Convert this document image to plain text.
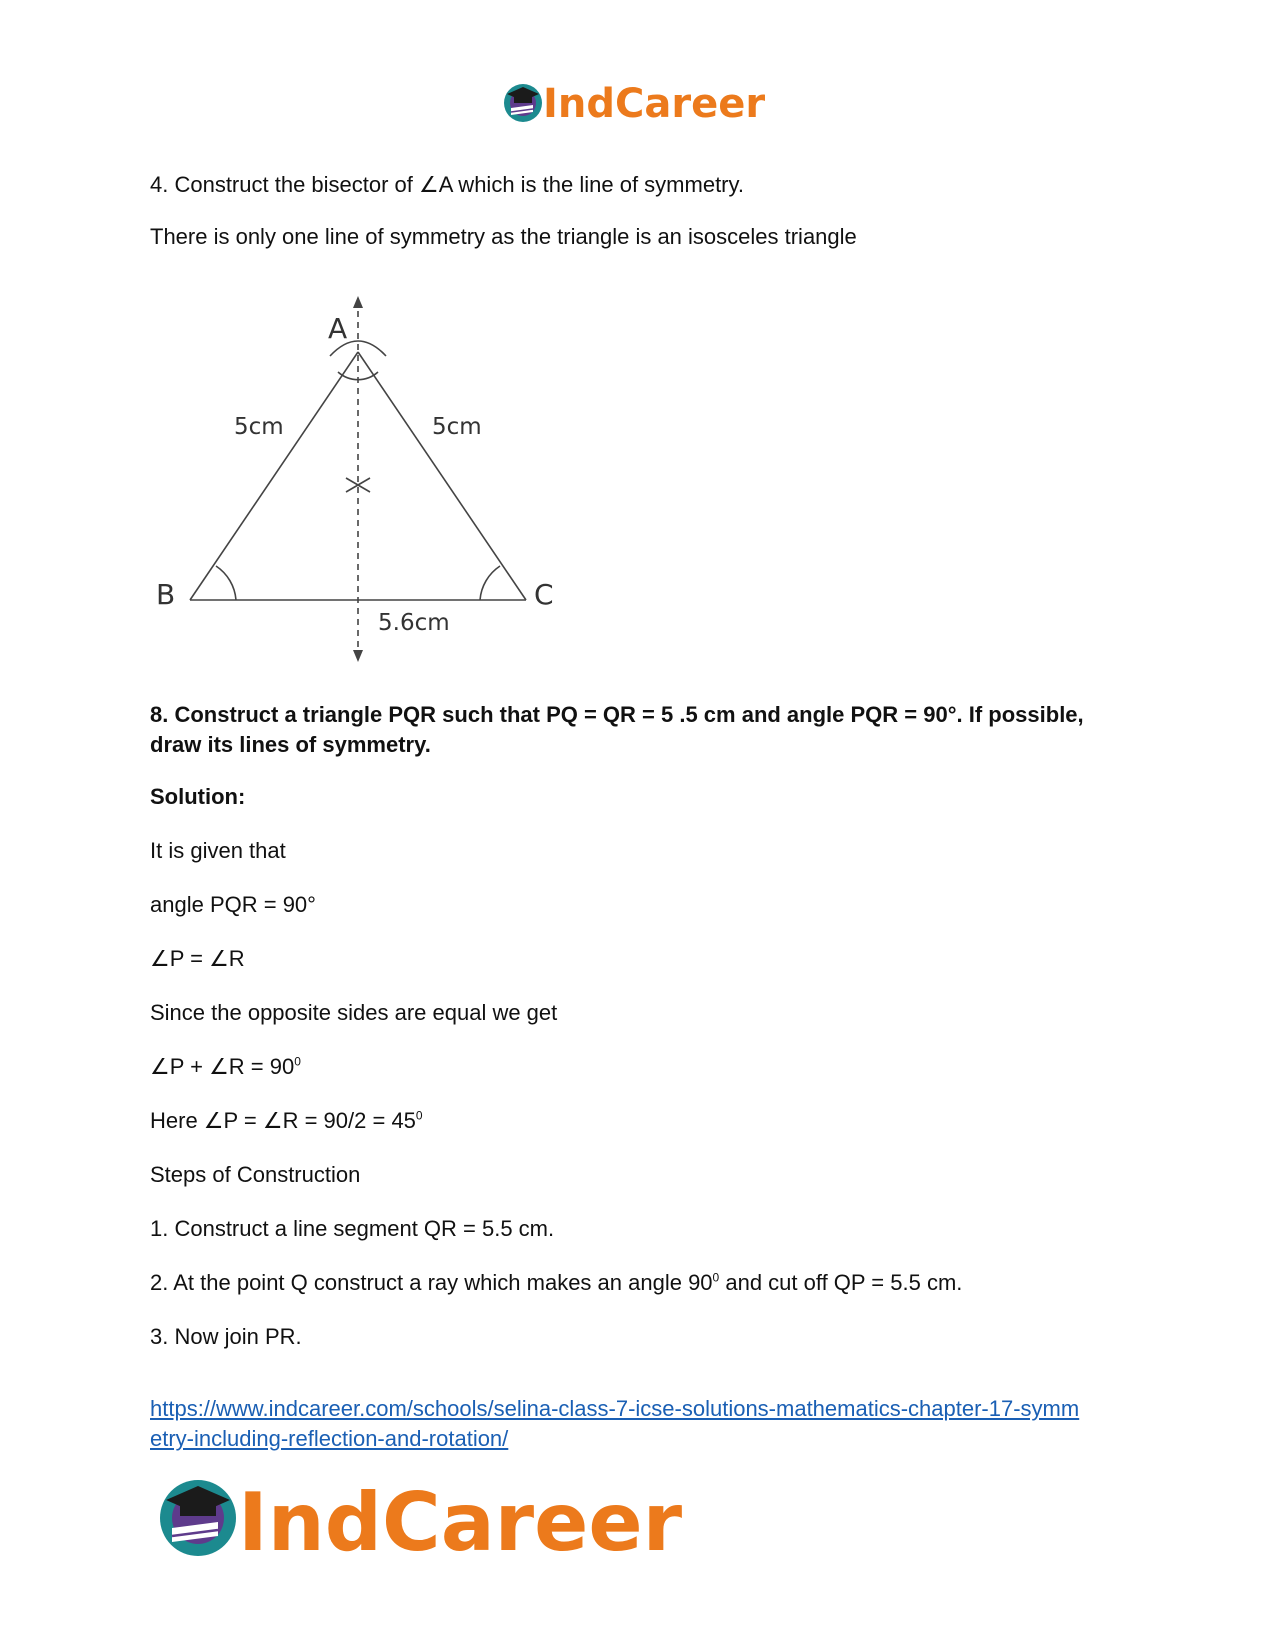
IndCareer
4. Construct the bisector of ∠A which is the line of symmetry.
There is only one line of symmetry as the triangle is an isosceles triangle
A
B	C
5cm	5cm
5.6cm
8. Construct a triangle PQR such that PQ = QR = 5 .5 cm and angle PQR = 90°. If possible,
draw its lines of symmetry.
Solution:
It is given that
angle PQR = 90°
∠P = ∠R
Since the opposite sides are equal we get
∠P + ∠R = $90^0$
Here ∠P = ∠R = $90/2 = 45^0$
Steps of Construction
1. Construct a line segment QR = 5.5 cm.
2. At the point Q construct a ray which makes an angle $90^0$ and cut off QP = 5.5 cm.
3. Now join PR.
https://www.indcareer.com/schools/selina-class-7-icse-solutions-mathematics-chapter-17-symm
etry-including-reflection-and-rotation/
IndCareer
